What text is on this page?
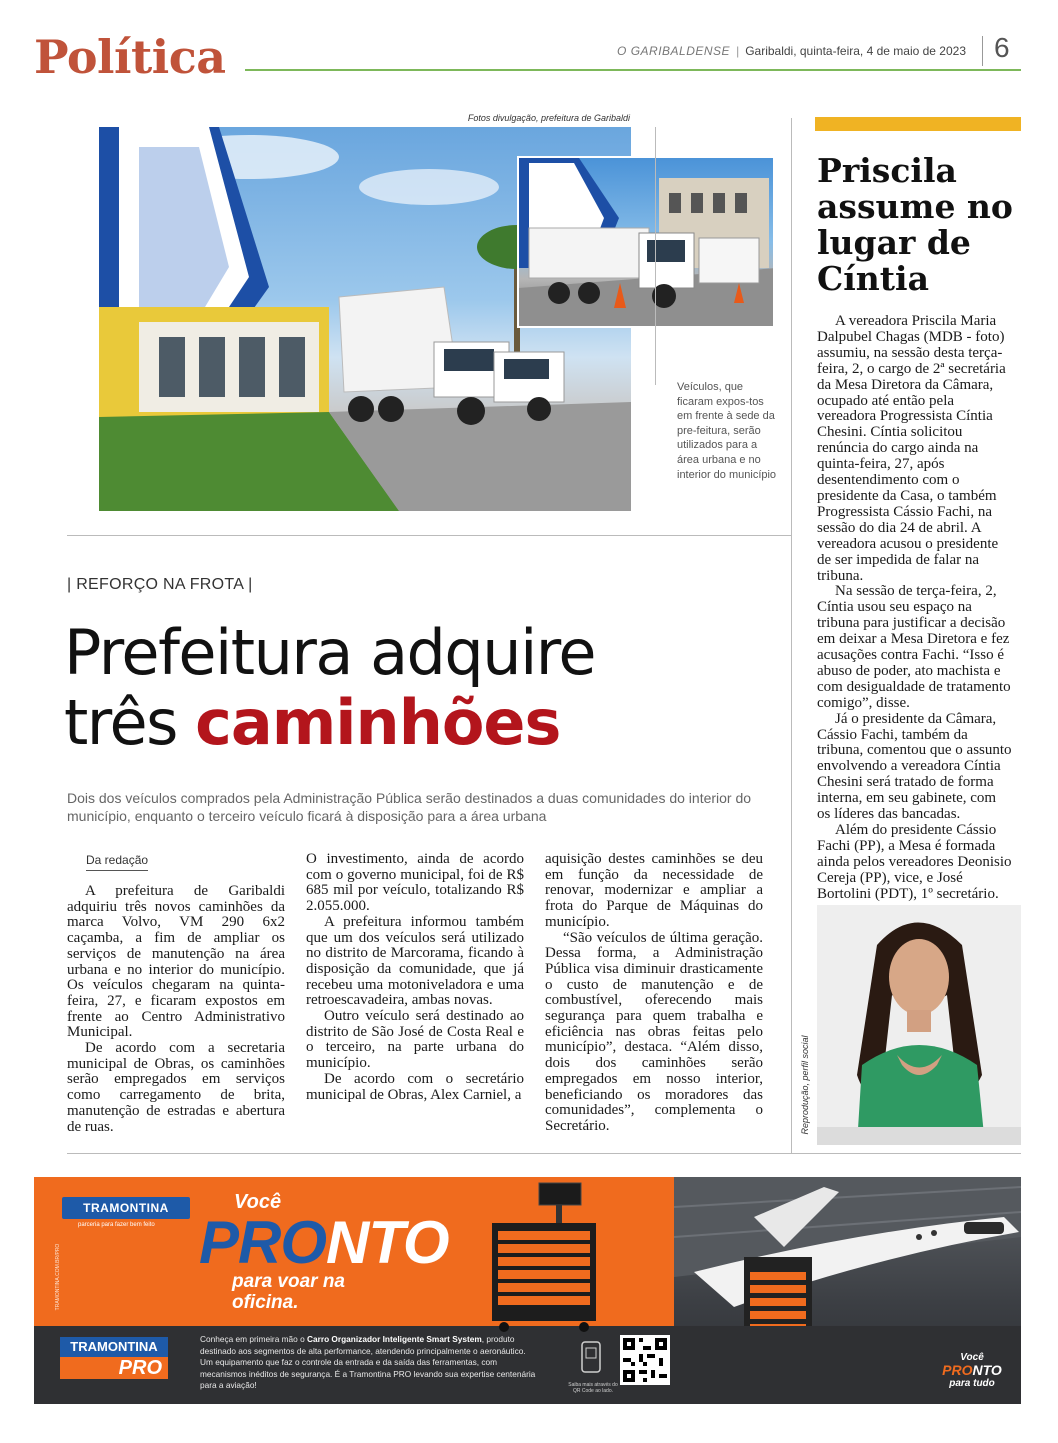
Política	O GARIBALDENSE | Garibaldi, quinta-feira, 4 de maio de 2023 6
Fotos divulgação, prefeitura de Garibaldi
Veículos, que ficaram expos-tos em frente à sede da pre-feitura, serão utilizados para a área urbana e no interior do município
| REFORÇO NA FROTA |
Prefeitura adquire
três caminhões
Dois dos veículos comprados pela Administração Pública serão destinados a duas comunidades do interior do município, enquanto o terceiro veículo ficará à disposição para a área urbana
Da redação

A prefeitura de Garibaldi adquiriu três novos caminhões da marca Volvo, VM 290 6x2 caçamba, a fim de ampliar os serviços de manutenção na área urbana e no interior do município. Os veículos chegaram na quinta-feira, 27, e ficaram expostos em frente ao Centro Administrativo Municipal.

De acordo com a secretaria municipal de Obras, os caminhões serão empregados em serviços como carregamento de brita, manutenção de estradas e abertura de ruas.

O investimento, ainda de acordo com o governo municipal, foi de R$ 685 mil por veículo, totalizando R$ 2.055.000.

A prefeitura informou também que um dos veículos será utilizado no distrito de Marcorama, ficando à disposição da comunidade, que já recebeu uma motoniveladora e uma retroescavadeira, ambas novas.

Outro veículo será destinado ao distrito de São José de Costa Real e o terceiro, na parte urbana do município.

De acordo com o secretário municipal de Obras, Alex Carniel, a

aquisição destes caminhões se deu em função da necessidade de renovar, modernizar e ampliar a frota do Parque de Máquinas do município.

“São veículos de última geração. Dessa forma, a Administração Pública visa diminuir drasticamente o custo de manutenção e de combustível, oferecendo mais segurança para quem trabalha e eficiência nas obras feitas pelo município”, destaca. “Além disso, dois dos caminhões serão empregados em nosso interior, beneficiando os moradores das comunidades”, complementa o Secretário.

Priscila assume no lugar de Cíntia

A vereadora Priscila Maria Dalpubel Chagas (MDB - foto) assumiu, na sessão desta terça-feira, 2, o cargo de 2ª secretária da Mesa Diretora da Câmara, ocupado até então pela vereadora Progressista Cíntia Chesini. Cíntia solicitou renúncia do cargo ainda na quinta-feira, 27, após desentendimento com o presidente da Casa, o também Progressista Cássio Fachi, na sessão do dia 24 de abril. A vereadora acusou o presidente de ser impedida de falar na tribuna.

Na sessão de terça-feira, 2, Cíntia usou seu espaço na tribuna para justificar a decisão em deixar a Mesa Diretora e fez acusações contra Fachi. “Isso é abuso de poder, ato machista e com desigualdade de tratamento comigo”, disse.

Já o presidente da Câmara, Cássio Fachi, também da tribuna, comentou que o assunto envolvendo a vereadora Cíntia Chesini será tratado de forma interna, em seu gabinete, com os líderes das bancadas.

Além do presidente Cássio Fachi (PP), a Mesa é formada ainda pelos vereadores Deonisio Cereja (PP), vice, e José Bortolini (PDT), 1º secretário.

Reprodução, perfil social
TRAMONTINA
parceria para fazer bem feito
TRAMONTINA.COM.BR/PRO
Você
PRONTO
para voar na oficina.
TRAMONTINA
PRO
Conheça em primeira mão o Carro Organizador Inteligente Smart System, produto destinado aos segmentos de alta performance, atendendo principalmente o aeronáutico. Um equipamento que faz o controle da entrada e da saída das ferramentas, com mecanismos inéditos de segurança. É a Tramontina PRO levando sua expertise centenária para a aviação!	Saiba mais através do QR Code ao lado.
Você
PRONTO
para tudo
